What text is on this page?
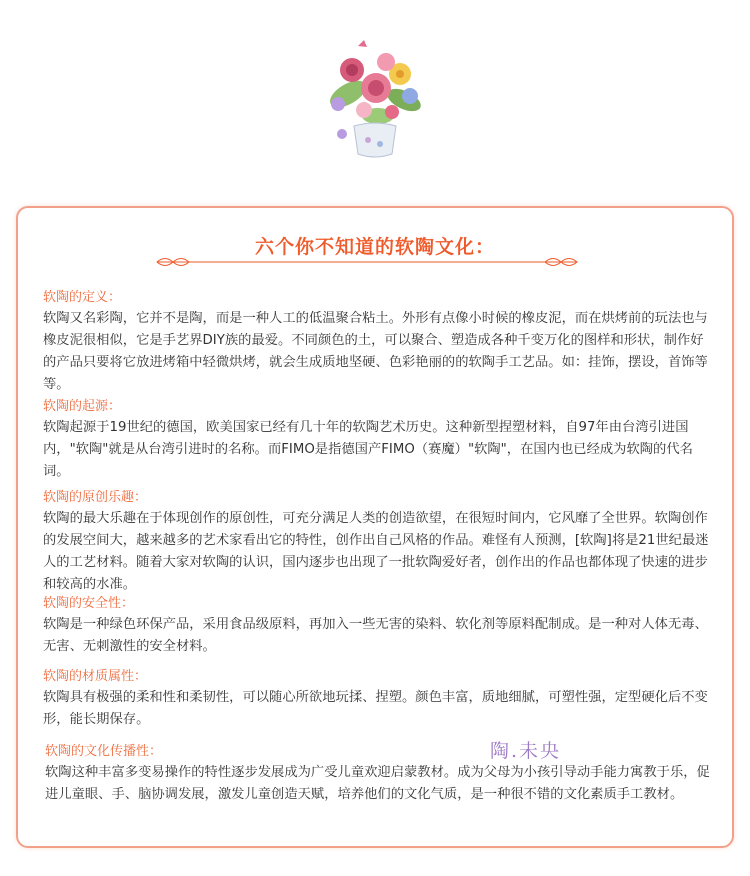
六个你不知道的软陶文化：
软陶的定义：
软陶又名彩陶，它并不是陶，而是一种人工的低温聚合粘土。外形有点像小时候的橡皮泥，而在烘烤前的玩法也与橡皮泥很相似，它是手艺界DIY族的最爱。不同颜色的土，可以聚合、塑造成各种千变万化的图样和形状，制作好的产品只要将它放进烤箱中轻微烘烤，就会生成质地坚硬、色彩艳丽的的软陶手工艺品。如：挂饰，摆设，首饰等等。
软陶的起源：
软陶起源于19世纪的德国，欧美国家已经有几十年的软陶艺术历史。这种新型捏塑材料，自97年由台湾引进国内，"软陶"就是从台湾引进时的名称。而FIMO是指德国产FIMO（赛魔）"软陶"，在国内也已经成为软陶的代名词。
软陶的原创乐趣：
软陶的最大乐趣在于体现创作的原创性，可充分满足人类的创造欲望，在很短时间内，它风靡了全世界。软陶创作的发展空间大，越来越多的艺术家看出它的特性，创作出自己风格的作品。难怪有人预测，[软陶]将是21世纪最迷人的工艺材料。随着大家对软陶的认识，国内逐步也出现了一批软陶爱好者，创作出的作品也都体现了快速的进步和较高的水准。
软陶的安全性：
软陶是一种绿色环保产品，采用食品级原料，再加入一些无害的染料、软化剂等原料配制成。是一种对人体无毒、无害、无刺激性的安全材料。
软陶的材质属性：
软陶具有极强的柔和性和柔韧性，可以随心所欲地玩揉、捏塑。颜色丰富，质地细腻，可塑性强，定型硬化后不变形，能长期保存。
软陶的文化传播性：
软陶这种丰富多变易操作的特性逐步发展成为广受儿童欢迎启蒙教材。成为父母为小孩引导动手能力寓教于乐，促进儿童眼、手、脑协调发展，激发儿童创造天赋，培养他们的文化气质，是一种很不错的文化素质手工教材。
陶.未央
